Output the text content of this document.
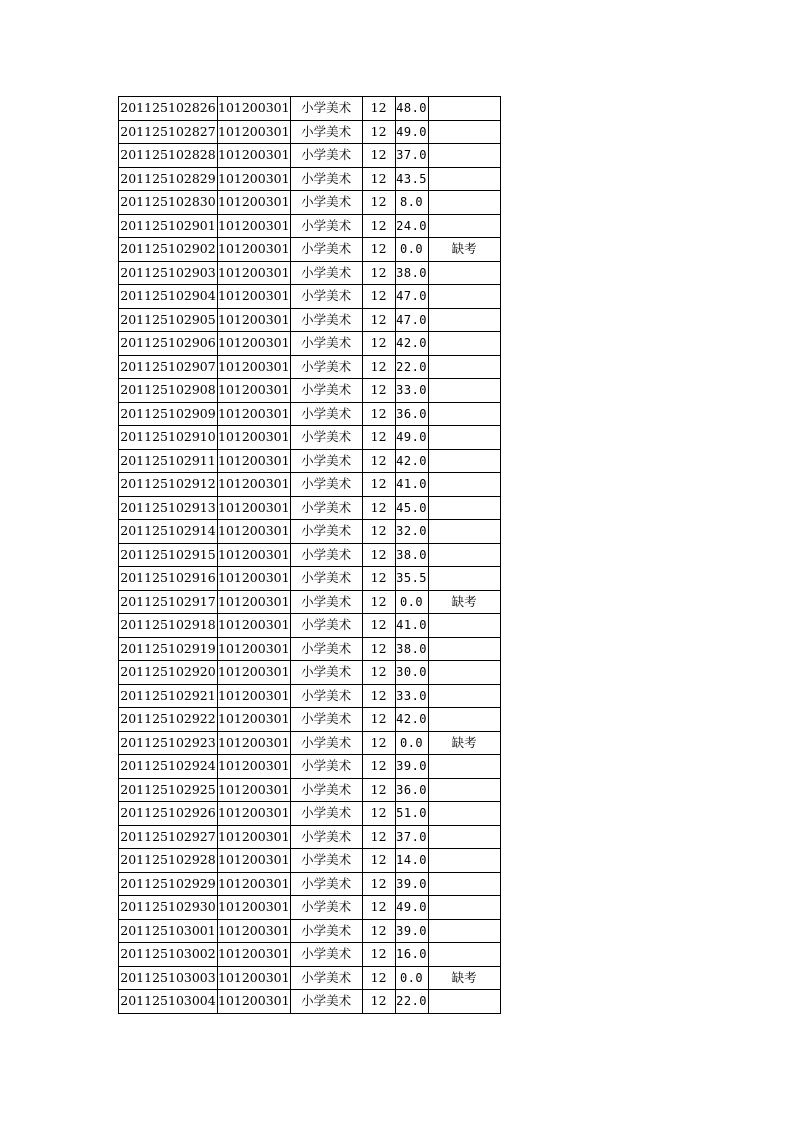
201125102826	101200301	小学美术	12	48.0	
201125102827	101200301	小学美术	12	49.0	
201125102828	101200301	小学美术	12	37.0	
201125102829	101200301	小学美术	12	43.5	
201125102830	101200301	小学美术	12	8.0	
201125102901	101200301	小学美术	12	24.0	
201125102902	101200301	小学美术	12	0.0	缺考
201125102903	101200301	小学美术	12	38.0	
201125102904	101200301	小学美术	12	47.0	
201125102905	101200301	小学美术	12	47.0	
201125102906	101200301	小学美术	12	42.0	
201125102907	101200301	小学美术	12	22.0	
201125102908	101200301	小学美术	12	33.0	
201125102909	101200301	小学美术	12	36.0	
201125102910	101200301	小学美术	12	49.0	
201125102911	101200301	小学美术	12	42.0	
201125102912	101200301	小学美术	12	41.0	
201125102913	101200301	小学美术	12	45.0	
201125102914	101200301	小学美术	12	32.0	
201125102915	101200301	小学美术	12	38.0	
201125102916	101200301	小学美术	12	35.5	
201125102917	101200301	小学美术	12	0.0	缺考
201125102918	101200301	小学美术	12	41.0	
201125102919	101200301	小学美术	12	38.0	
201125102920	101200301	小学美术	12	30.0	
201125102921	101200301	小学美术	12	33.0	
201125102922	101200301	小学美术	12	42.0	
201125102923	101200301	小学美术	12	0.0	缺考
201125102924	101200301	小学美术	12	39.0	
201125102925	101200301	小学美术	12	36.0	
201125102926	101200301	小学美术	12	51.0	
201125102927	101200301	小学美术	12	37.0	
201125102928	101200301	小学美术	12	14.0	
201125102929	101200301	小学美术	12	39.0	
201125102930	101200301	小学美术	12	49.0	
201125103001	101200301	小学美术	12	39.0	
201125103002	101200301	小学美术	12	16.0	
201125103003	101200301	小学美术	12	0.0	缺考
201125103004	101200301	小学美术	12	22.0	
